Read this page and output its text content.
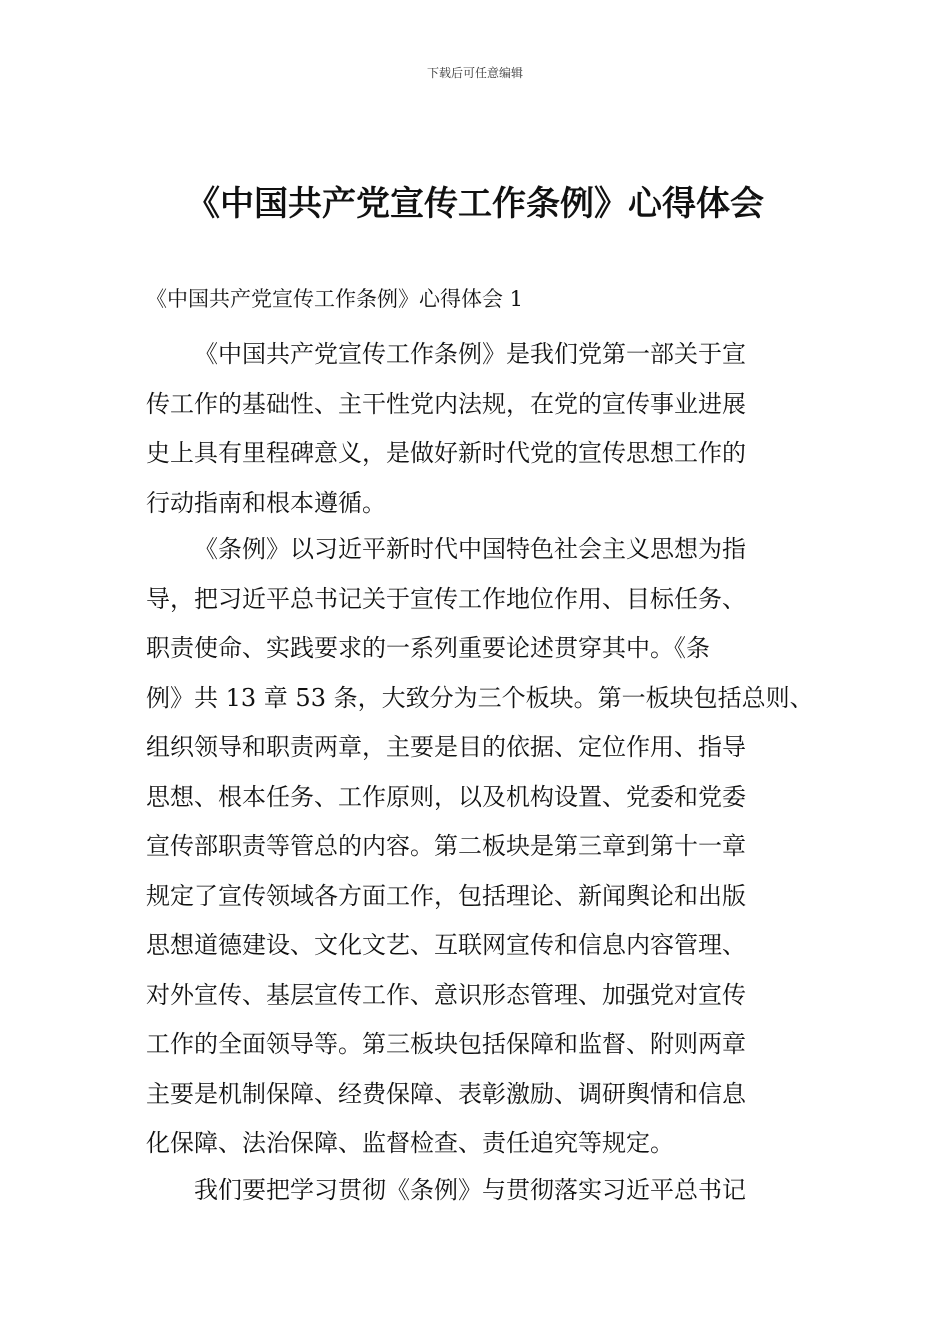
下载后可任意编辑
《中国共产党宣传工作条例》心得体会
《中国共产党宣传工作条例》心得体会 1
《中国共产党宣传工作条例》是我们党第一部关于宣
传工作的基础性、主干性党内法规，在党的宣传事业进展
史上具有里程碑意义，是做好新时代党的宣传思想工作的
行动指南和根本遵循。
《条例》以习近平新时代中国特色社会主义思想为指
导，把习近平总书记关于宣传工作地位作用、目标任务、
职责使命、实践要求的一系列重要论述贯穿其中。《条
例》共 13 章 53 条，大致分为三个板块。第一板块包括总则、
组织领导和职责两章，主要是目的依据、定位作用、指导
思想、根本任务、工作原则，以及机构设置、党委和党委
宣传部职责等管总的内容。第二板块是第三章到第十一章
规定了宣传领域各方面工作，包括理论、新闻舆论和出版
思想道德建设、文化文艺、互联网宣传和信息内容管理、
对外宣传、基层宣传工作、意识形态管理、加强党对宣传
工作的全面领导等。第三板块包括保障和监督、附则两章
主要是机制保障、经费保障、表彰激励、调研舆情和信息
化保障、法治保障、监督检查、责任追究等规定。
我们要把学习贯彻《条例》与贯彻落实习近平总书记
